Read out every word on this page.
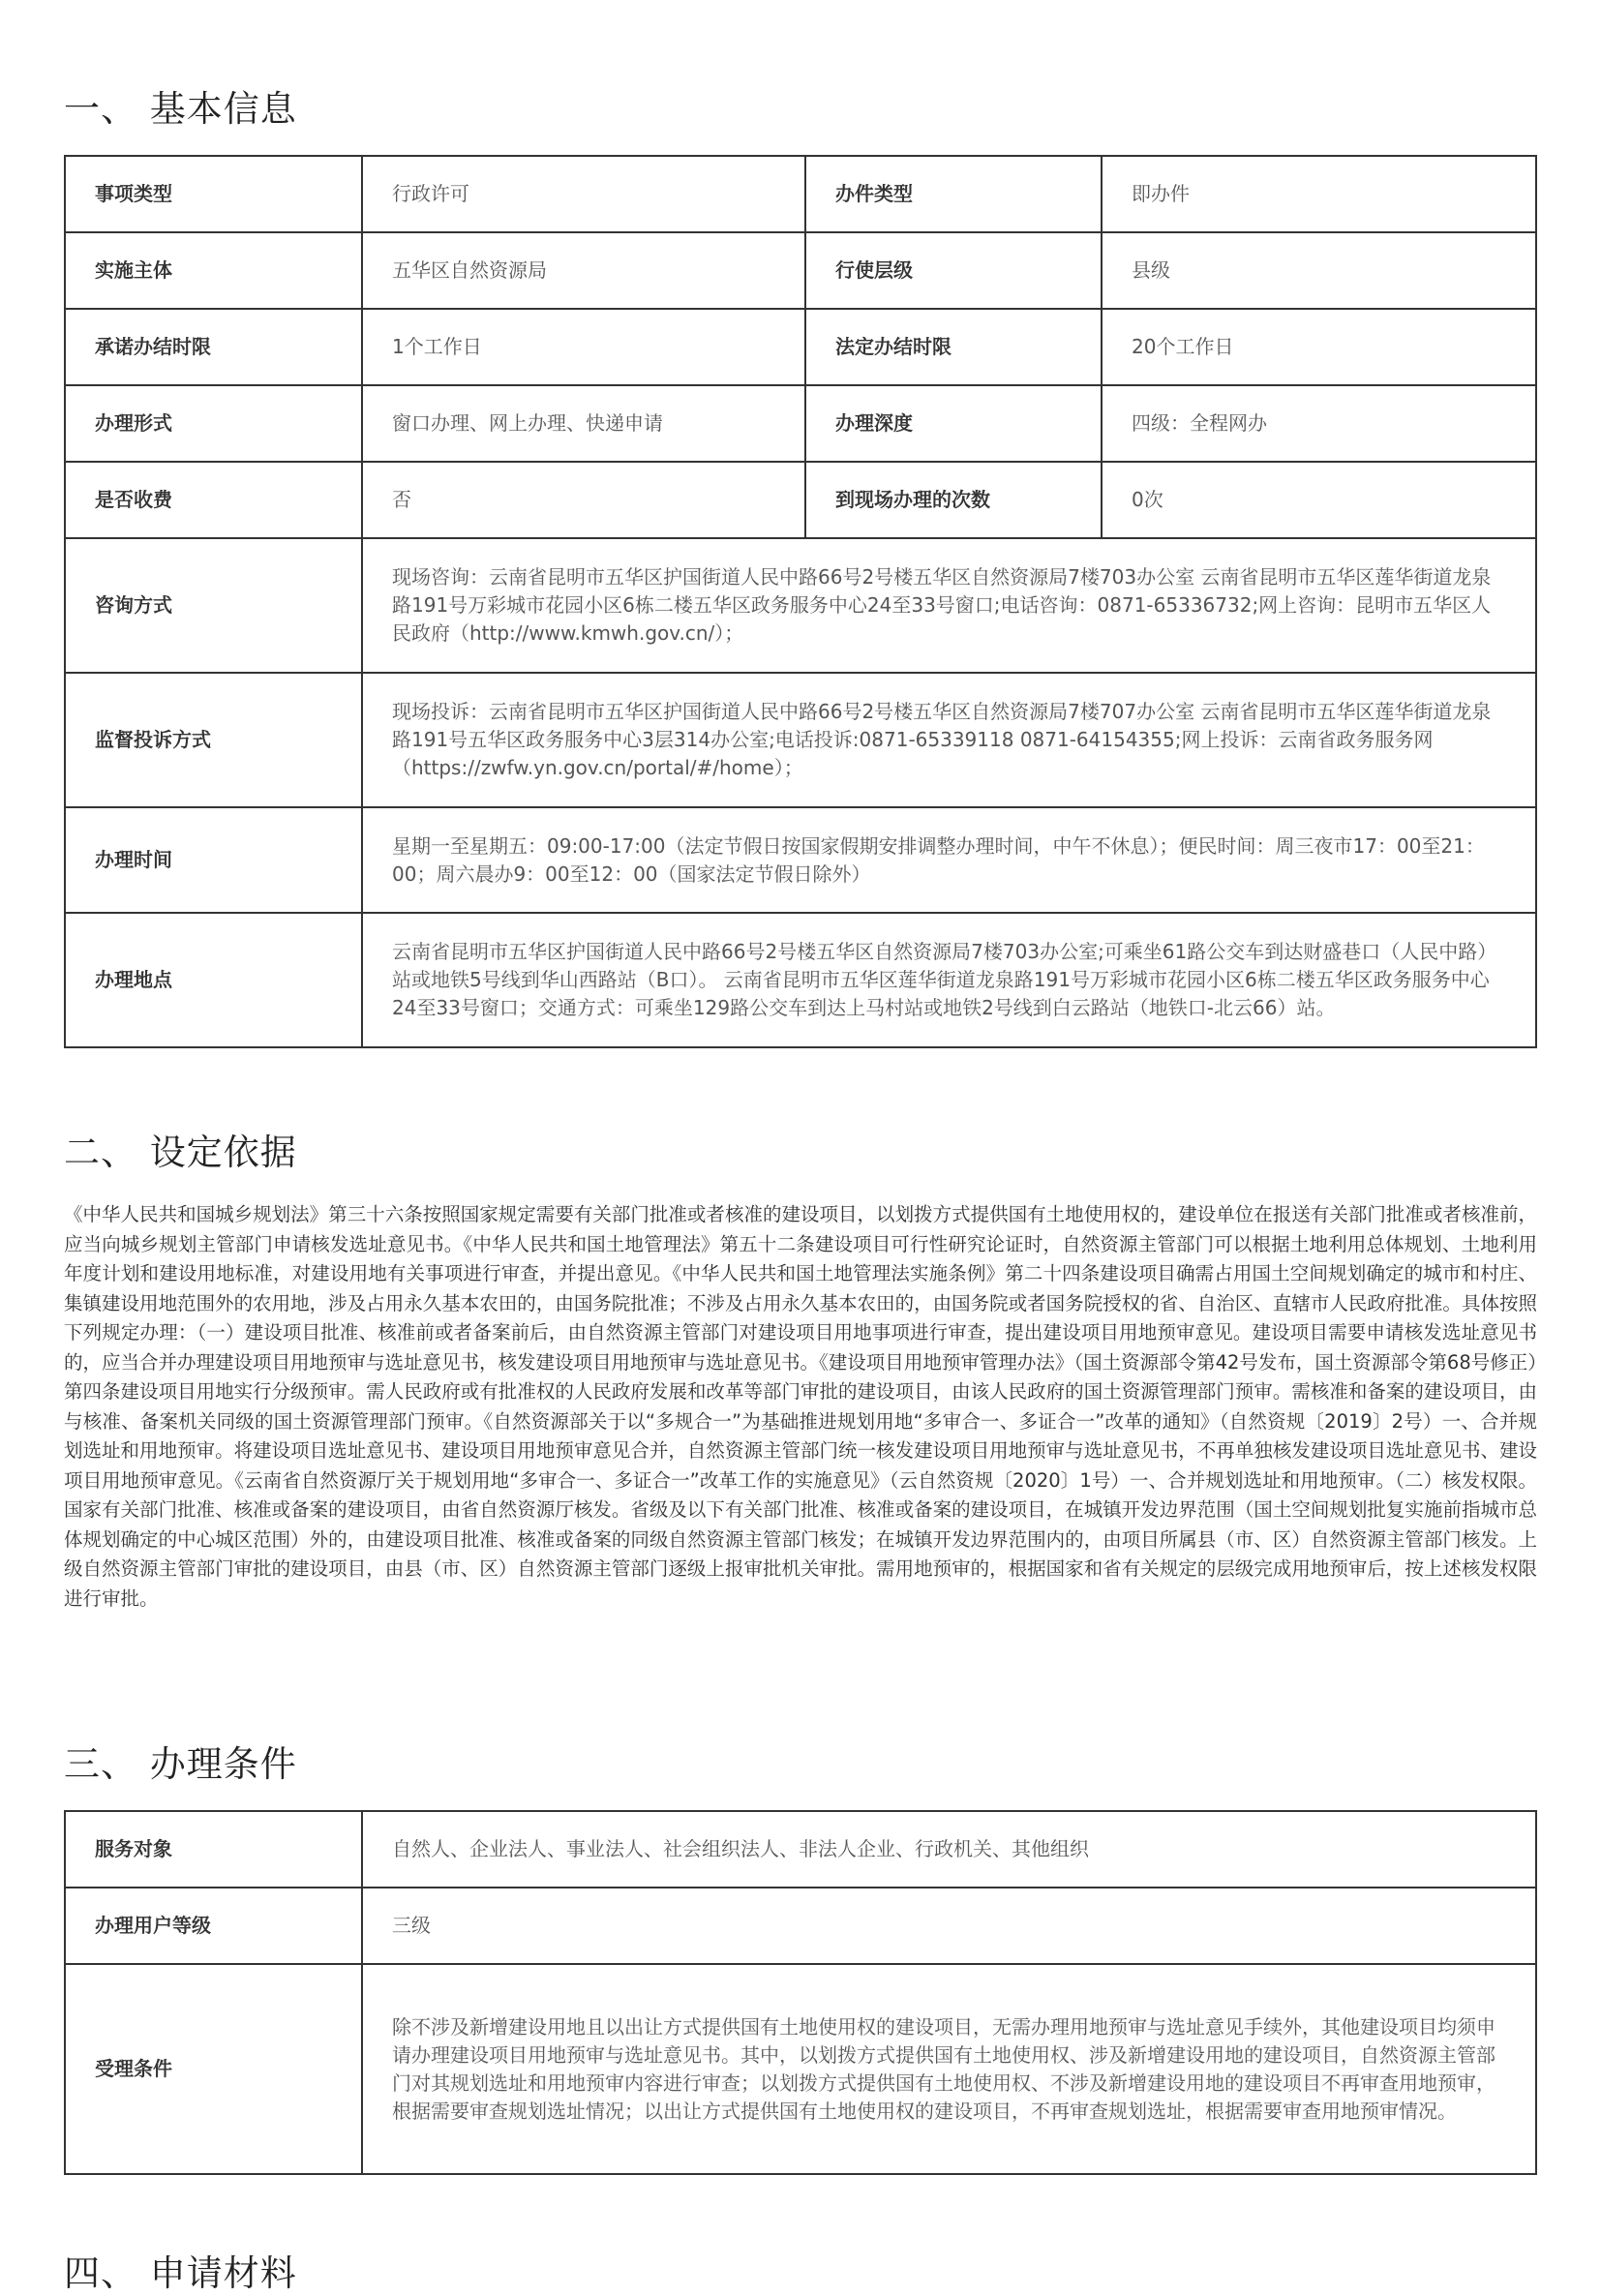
一、 基本信息
事项类型	行政许可	办件类型	即办件
实施主体	五华区自然资源局	行使层级	县级
承诺办结时限	1个工作日	法定办结时限	20个工作日
办理形式	窗口办理、网上办理、快递申请	办理深度	四级：全程网办
是否收费	否	到现场办理的次数	0次
咨询方式	现场咨询：云南省昆明市五华区护国街道人民中路66号2号楼五华区自然资源局7楼703办公室 云南省昆明市五华区莲华街道龙泉路191号万彩城市花园小区6栋二楼五华区政务服务中心24至33号窗口;电话咨询：0871-65336732;网上咨询：昆明市五华区人民政府（http://www.kmwh.gov.cn/）；		
监督投诉方式	现场投诉：云南省昆明市五华区护国街道人民中路66号2号楼五华区自然资源局7楼707办公室 云南省昆明市五华区莲华街道龙泉路191号五华区政务服务中心3层314办公室;电话投诉:0871-65339118 0871-64154355;网上投诉：云南省政务服务网（https://zwfw.yn.gov.cn/portal/#/home）；		
办理时间	星期一至星期五：09:00-17:00（法定节假日按国家假期安排调整办理时间，中午不休息）；便民时间：周三夜市17：00至21：00；周六晨办9：00至12：00（国家法定节假日除外）		
办理地点	云南省昆明市五华区护国街道人民中路66号2号楼五华区自然资源局7楼703办公室;可乘坐61路公交车到达财盛巷口（人民中路）站或地铁5号线到华山西路站（B口）。 云南省昆明市五华区莲华街道龙泉路191号万彩城市花园小区6栋二楼五华区政务服务中心24至33号窗口；交通方式：可乘坐129路公交车到达上马村站或地铁2号线到白云路站（地铁口-北云66）站。		
二、 设定依据

《中华人民共和国城乡规划法》第三十六条按照国家规定需要有关部门批准或者核准的建设项目，以划拨方式提供国有土地使用权的，建设单位在报送有关部门批准或者核准前，应当向城乡规划主管部门申请核发选址意见书。《中华人民共和国土地管理法》第五十二条建设项目可行性研究论证时，自然资源主管部门可以根据土地利用总体规划、土地利用年度计划和建设用地标准，对建设用地有关事项进行审查，并提出意见。《中华人民共和国土地管理法实施条例》第二十四条建设项目确需占用国土空间规划确定的城市和村庄、集镇建设用地范围外的农用地，涉及占用永久基本农田的，由国务院批准；不涉及占用永久基本农田的，由国务院或者国务院授权的省、自治区、直辖市人民政府批准。具体按照下列规定办理：（一）建设项目批准、核准前或者备案前后，由自然资源主管部门对建设项目用地事项进行审查，提出建设项目用地预审意见。建设项目需要申请核发选址意见书的，应当合并办理建设项目用地预审与选址意见书，核发建设项目用地预审与选址意见书。《建设项目用地预审管理办法》（国土资源部令第42号发布，国土资源部令第68号修正）第四条建设项目用地实行分级预审。需人民政府或有批准权的人民政府发展和改革等部门审批的建设项目，由该人民政府的国土资源管理部门预审。需核准和备案的建设项目，由与核准、备案机关同级的国土资源管理部门预审。《自然资源部关于以“多规合一”为基础推进规划用地“多审合一、多证合一”改革的通知》（自然资规〔2019〕2号）一、合并规划选址和用地预审。将建设项目选址意见书、建设项目用地预审意见合并，自然资源主管部门统一核发建设项目用地预审与选址意见书，不再单独核发建设项目选址意见书、建设项目用地预审意见。《云南省自然资源厅关于规划用地“多审合一、多证合一”改革工作的实施意见》（云自然资规〔2020〕1号）一、合并规划选址和用地预审。（二）核发权限。国家有关部门批准、核准或备案的建设项目，由省自然资源厅核发。省级及以下有关部门批准、核准或备案的建设项目，在城镇开发边界范围（国土空间规划批复实施前指城市总体规划确定的中心城区范围）外的，由建设项目批准、核准或备案的同级自然资源主管部门核发；在城镇开发边界范围内的，由项目所属县（市、区）自然资源主管部门核发。上级自然资源主管部门审批的建设项目，由县（市、区）自然资源主管部门逐级上报审批机关审批。需用地预审的，根据国家和省有关规定的层级完成用地预审后，按上述核发权限进行审批。

三、 办理条件
服务对象	自然人、企业法人、事业法人、社会组织法人、非法人企业、行政机关、其他组织
办理用户等级	三级
受理条件	除不涉及新增建设用地且以出让方式提供国有土地使用权的建设项目，无需办理用地预审与选址意见手续外，其他建设项目均须申请办理建设项目用地预审与选址意见书。其中，以划拨方式提供国有土地使用权、涉及新增建设用地的建设项目，自然资源主管部门对其规划选址和用地预审内容进行审查；以划拨方式提供国有土地使用权、不涉及新增建设用地的建设项目不再审查用地预审，根据需要审查规划选址情况；以出让方式提供国有土地使用权的建设项目，不再审查规划选址，根据需要审查用地预审情况。
四、 申请材料
